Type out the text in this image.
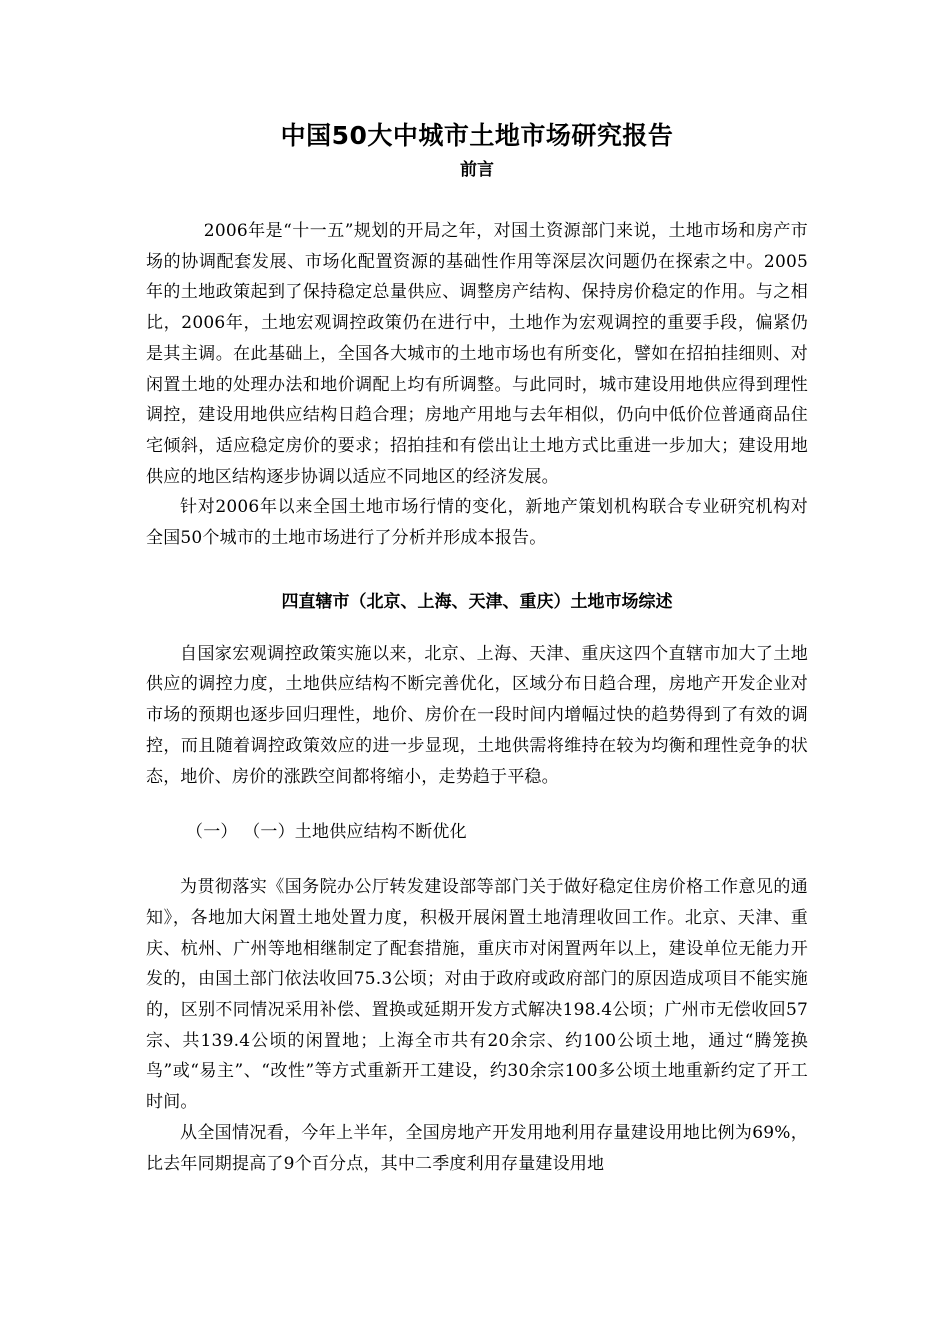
中国50大中城市土地市场研究报告
前言

2006年是“十一五”规划的开局之年，对国土资源部门来说，土地市场和房产市场的协调配套发展、市场化配置资源的基础性作用等深层次问题仍在探索之中。2005年的土地政策起到了保持稳定总量供应、调整房产结构、保持房价稳定的作用。与之相比，2006年，土地宏观调控政策仍在进行中，土地作为宏观调控的重要手段，偏紧仍是其主调。在此基础上，全国各大城市的土地市场也有所变化，譬如在招拍挂细则、对闲置土地的处理办法和地价调配上均有所调整。与此同时，城市建设用地供应得到理性调控，建设用地供应结构日趋合理；房地产用地与去年相似，仍向中低价位普通商品住宅倾斜，适应稳定房价的要求；招拍挂和有偿出让土地方式比重进一步加大；建设用地供应的地区结构逐步协调以适应不同地区的经济发展。

针对2006年以来全国土地市场行情的变化，新地产策划机构联合专业研究机构对全国50个城市的土地市场进行了分析并形成本报告。

四直辖市（北京、上海、天津、重庆）土地市场综述

自国家宏观调控政策实施以来，北京、上海、天津、重庆这四个直辖市加大了土地供应的调控力度，土地供应结构不断完善优化，区域分布日趋合理，房地产开发企业对市场的预期也逐步回归理性，地价、房价在一段时间内增幅过快的趋势得到了有效的调控，而且随着调控政策效应的进一步显现，土地供需将维持在较为均衡和理性竞争的状态，地价、房价的涨跌空间都将缩小，走势趋于平稳。

（一） （一）土地供应结构不断优化

为贯彻落实《国务院办公厅转发建设部等部门关于做好稳定住房价格工作意见的通知》，各地加大闲置土地处置力度，积极开展闲置土地清理收回工作。北京、天津、重庆、杭州、广州等地相继制定了配套措施，重庆市对闲置两年以上，建设单位无能力开发的，由国土部门依法收回75.3公顷；对由于政府或政府部门的原因造成项目不能实施的，区别不同情况采用补偿、置换或延期开发方式解决198.4公顷；广州市无偿收回57宗、共139.4公顷的闲置地；上海全市共有20余宗、约100公顷土地，通过“腾笼换鸟”或“易主”、“改性”等方式重新开工建设，约30余宗100多公顷土地重新约定了开工时间。

从全国情况看，今年上半年，全国房地产开发用地利用存量建设用地比例为69%，比去年同期提高了9个百分点，其中二季度利用存量建设用地
